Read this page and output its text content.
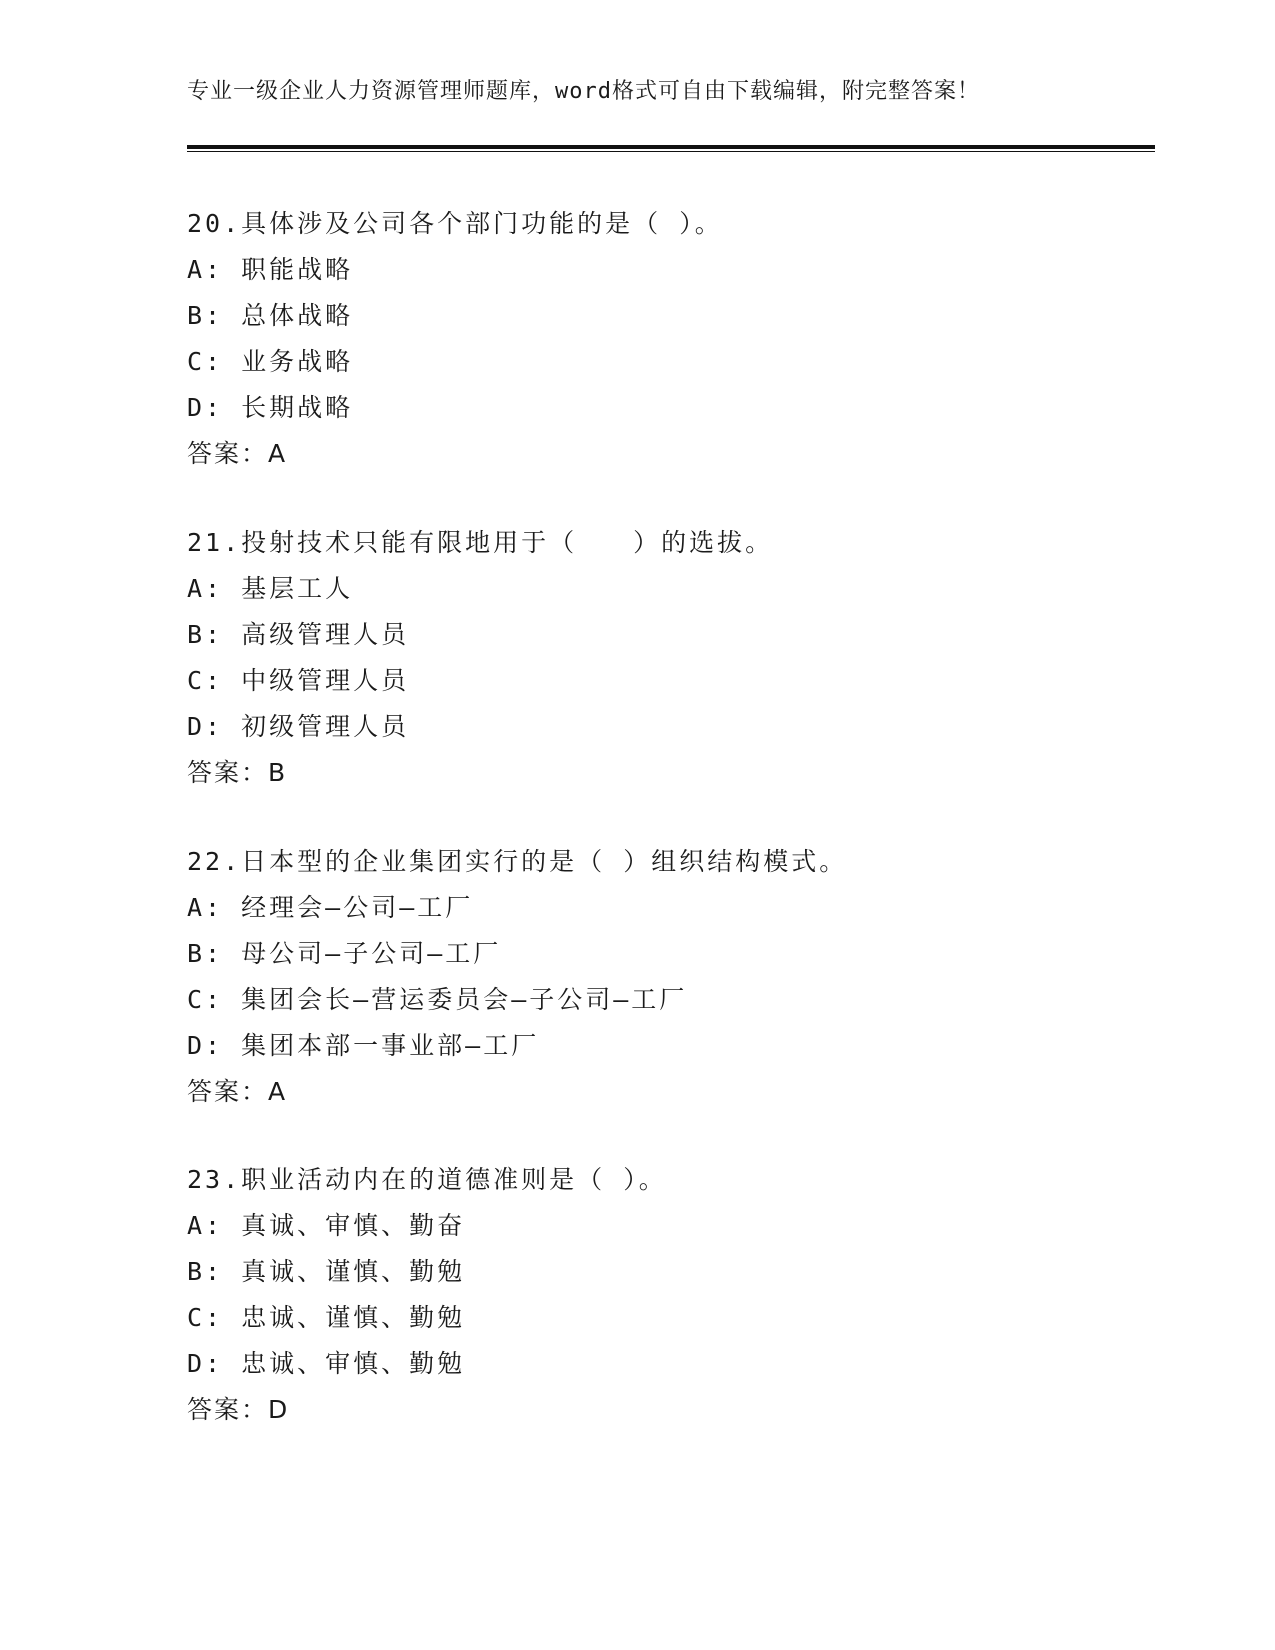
专业一级企业人力资源管理师题库，word格式可自由下载编辑，附完整答案！
20.具体涉及公司各个部门功能的是（ ）。
A: 职能战略
B: 总体战略
C: 业务战略
D: 长期战略
答案：A
21.投射技术只能有限地用于（　　）的选拔。
A: 基层工人
B: 高级管理人员
C: 中级管理人员
D: 初级管理人员
答案：B
22.日本型的企业集团实行的是（ ）组织结构模式。
A: 经理会—公司—工厂
B: 母公司—子公司—工厂
C: 集团会长—营运委员会—子公司—工厂
D: 集团本部一事业部—工厂
答案：A
23.职业活动内在的道德准则是（ ）。
A: 真诚、审慎、勤奋
B: 真诚、谨慎、勤勉
C: 忠诚、谨慎、勤勉
D: 忠诚、审慎、勤勉
答案：D
